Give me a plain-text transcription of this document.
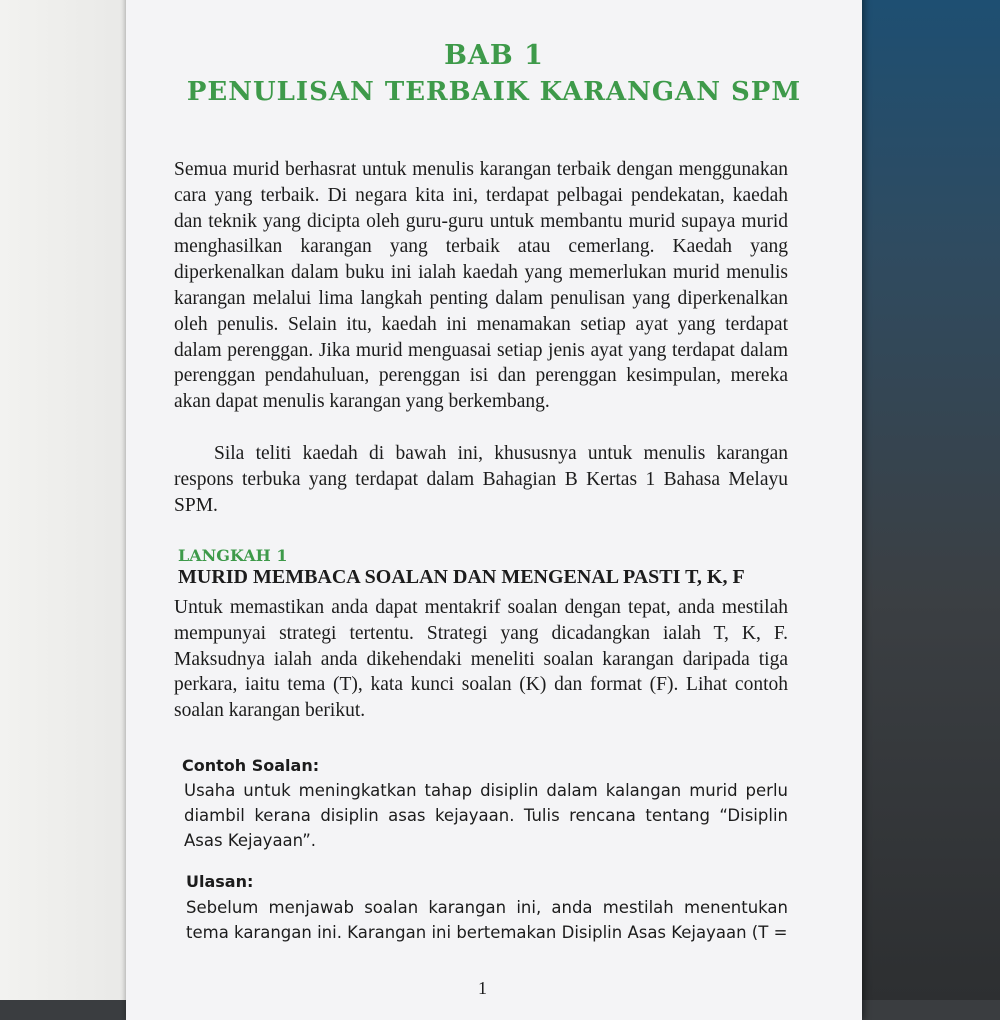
BAB 1
PENULISAN TERBAIK KARANGAN SPM

Semua murid berhasrat untuk menulis karangan terbaik dengan menggunakan cara yang terbaik. Di negara kita ini, terdapat pelbagai pendekatan, kaedah dan teknik yang dicipta oleh guru-guru untuk membantu murid supaya murid menghasilkan karangan yang terbaik atau cemerlang. Kaedah yang diperkenalkan dalam buku ini ialah kaedah yang memerlukan murid menulis karangan melalui lima langkah penting dalam penulisan yang diperkenalkan oleh penulis. Selain itu, kaedah ini menamakan setiap ayat yang terdapat dalam perenggan. Jika murid menguasai setiap jenis ayat yang terdapat dalam perenggan pendahuluan, perenggan isi dan perenggan kesimpulan, mereka akan dapat menulis karangan yang berkembang.

Sila teliti kaedah di bawah ini, khususnya untuk menulis karangan respons terbuka yang terdapat dalam Bahagian B Kertas 1 Bahasa Melayu SPM.

LANGKAH 1
MURID MEMBACA SOALAN DAN MENGENAL PASTI T, K, F

Untuk memastikan anda dapat mentakrif soalan dengan tepat, anda mestilah mempunyai strategi tertentu. Strategi yang dicadangkan ialah T, K, F. Maksudnya ialah anda dikehendaki meneliti soalan karangan daripada tiga perkara, iaitu tema (T), kata kunci soalan (K) dan format (F). Lihat contoh soalan karangan berikut.

Contoh Soalan:

Usaha untuk meningkatkan tahap disiplin dalam kalangan murid perlu diambil kerana disiplin asas kejayaan. Tulis rencana tentang “Disiplin Asas Kejayaan”.

Ulasan:

Sebelum menjawab soalan karangan ini, anda mestilah menentukan tema karangan ini. Karangan ini bertemakan Disiplin Asas Kejayaan (T =

1
